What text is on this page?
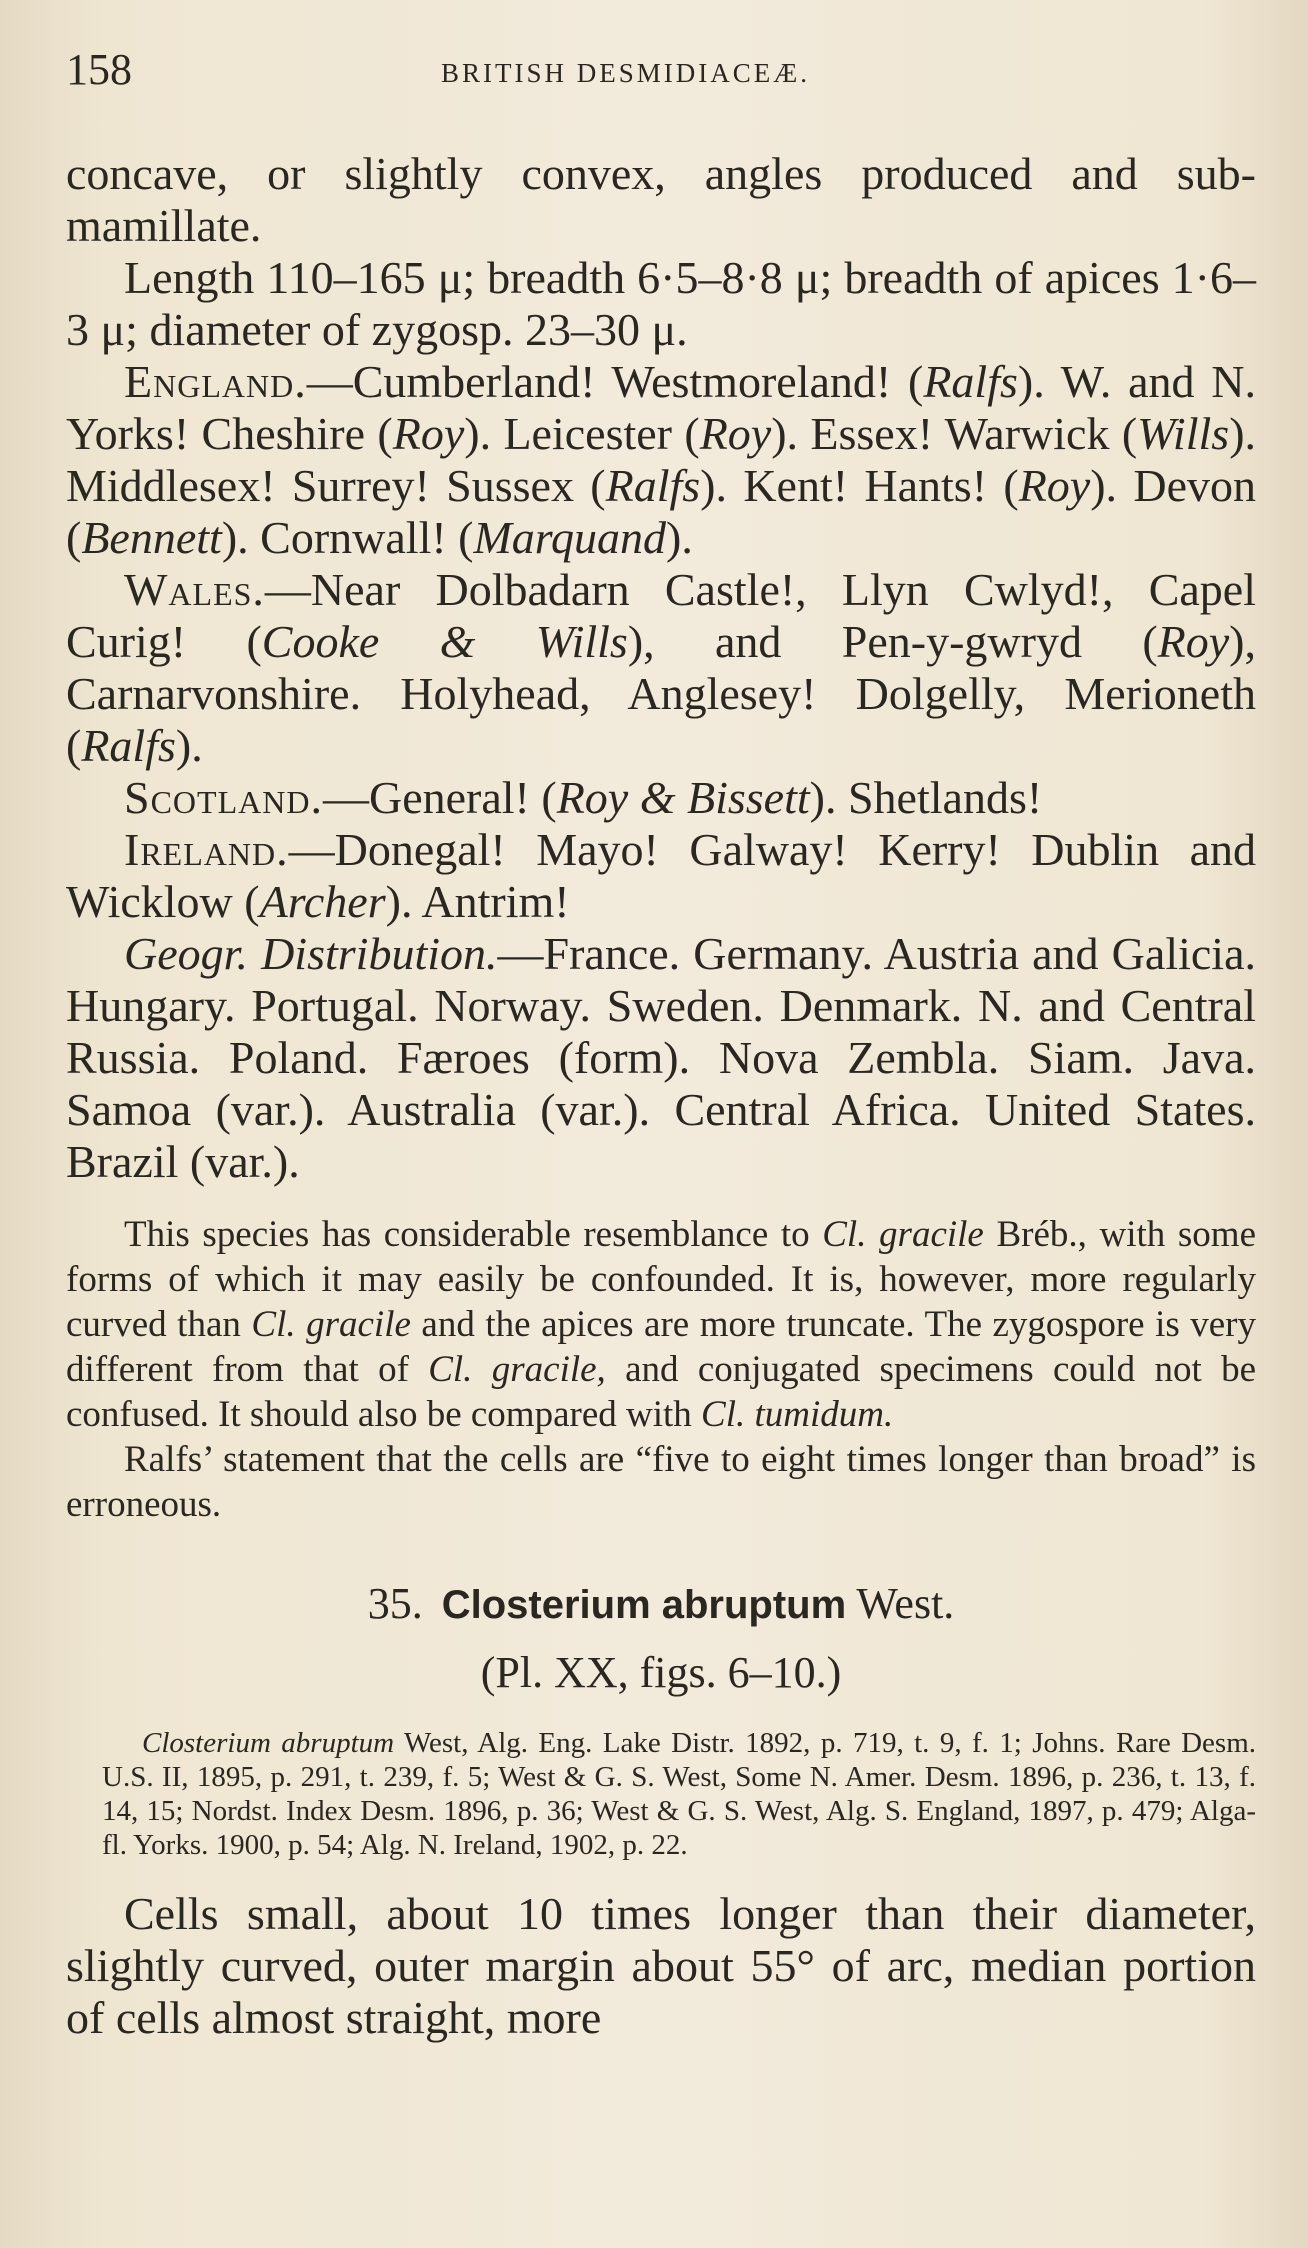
158	BRITISH DESMIDIACEÆ.

concave, or slightly convex, angles produced and sub-mamillate.

Length 110–165 μ; breadth 6·5–8·8 μ; breadth of apices 1·6–3 μ; diameter of zygosp. 23–30 μ.

England.—Cumberland! Westmoreland! (Ralfs). W. and N. Yorks! Cheshire (Roy). Leicester (Roy). Essex! Warwick (Wills). Middlesex! Surrey! Sussex (Ralfs). Kent! Hants! (Roy). Devon (Bennett). Cornwall! (Marquand).

Wales.—Near Dolbadarn Castle!, Llyn Cwlyd!, Capel Curig! (Cooke & Wills), and Pen-y-gwryd (Roy), Carnarvonshire. Holyhead, Anglesey! Dolgelly, Merioneth (Ralfs).

Scotland.—General! (Roy & Bissett). Shetlands!

Ireland.—Donegal! Mayo! Galway! Kerry! Dublin and Wicklow (Archer). Antrim!

Geogr. Distribution.—France. Germany. Austria and Galicia. Hungary. Portugal. Norway. Sweden. Denmark. N. and Central Russia. Poland. Færoes (form). Nova Zembla. Siam. Java. Samoa (var.). Australia (var.). Central Africa. United States. Brazil (var.).

This species has considerable resemblance to Cl. gracile Bréb., with some forms of which it may easily be confounded. It is, however, more regularly curved than Cl. gracile and the apices are more truncate. The zygospore is very different from that of Cl. gracile, and conjugated specimens could not be confused. It should also be compared with Cl. tumidum.

Ralfs’ statement that the cells are “five to eight times longer than broad” is erroneous.

35. Closterium abruptum West.

(Pl. XX, figs. 6–10.)

Closterium abruptum West, Alg. Eng. Lake Distr. 1892, p. 719, t. 9, f. 1; Johns. Rare Desm. U.S. II, 1895, p. 291, t. 239, f. 5; West & G. S. West, Some N. Amer. Desm. 1896, p. 236, t. 13, f. 14, 15; Nordst. Index Desm. 1896, p. 36; West & G. S. West, Alg. S. England, 1897, p. 479; Alga-fl. Yorks. 1900, p. 54; Alg. N. Ireland, 1902, p. 22.

Cells small, about 10 times longer than their diameter, slightly curved, outer margin about 55° of arc, median portion of cells almost straight, more
